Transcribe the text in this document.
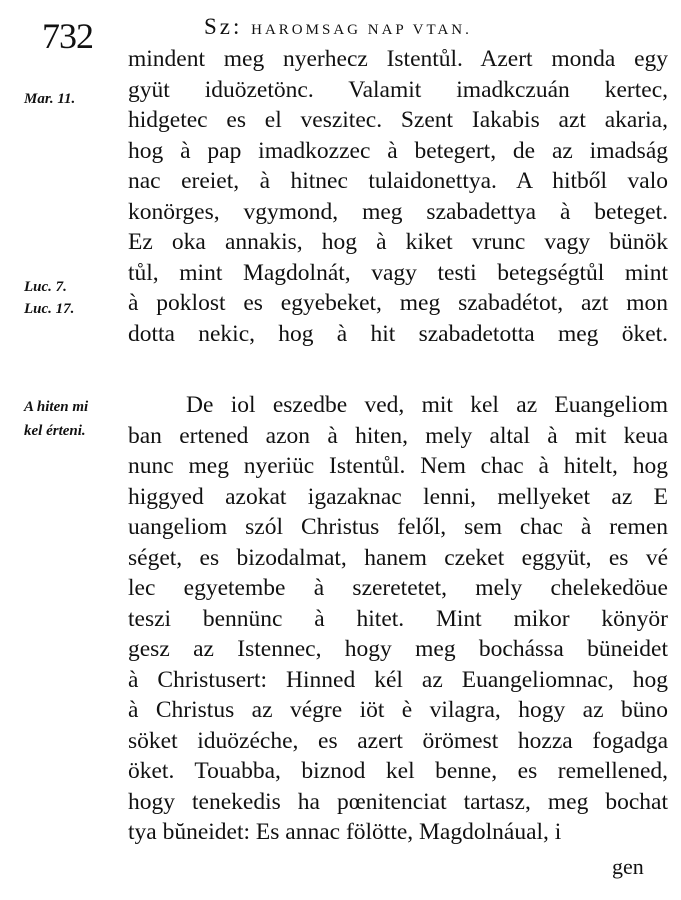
732	Sz: HAROMSAG NAP VTAN.
Mar. 11.
Luc. 7.
Luc. 17.
A hiten mi
kel érteni.
mindent meg nyerhecz Istentůl. Azert monda egy
gyüt iduözetönc. Valamit imadkczuán kertec,
hidgetec es el veszitec. Szent Iakabis azt akaria,
hog à pap imadkozzec à betegert, de az imadság
nac ereiet, à hitnec tulaidonettya. A hitből valo
konörges, vgymond, meg szabadettya à beteget.
Ez oka annakis, hog à kiket vrunc vagy bünök
tůl, mint Magdolnát, vagy testi betegségtůl mint
à poklost es egyebeket, meg szabadétot, azt mon
dotta nekic, hog à hit szabadetotta meg öket.
De iol eszedbe ved, mit kel az Euangeliom
ban ertened azon à hiten, mely altal à mit keua
nunc meg nyeriüc Istentůl. Nem chac à hitelt, hog
higgyed azokat igazaknac lenni, mellyeket az E
uangeliom szól Christus felől, sem chac à remen
séget, es bizodalmat, hanem czeket eggyüt, es vé
lec egyetembe à szeretetet, mely chelekedöue
teszi bennünc à hitet. Mint mikor könyör
gesz az Istennec, hogy meg bochássa büneidet
à Christusert: Hinned kél az Euangeliomnac, hog
à Christus az végre iöt è vilagra, hogy az büno
söket iduözéche, es azert örömest hozza fogadga
öket. Touabba, biznod kel benne, es remellened,
hogy tenekedis ha pœnitenciat tartasz, meg bochat
tya bŭneidet: Es annac fölötte, Magdolnáual, i
gen
